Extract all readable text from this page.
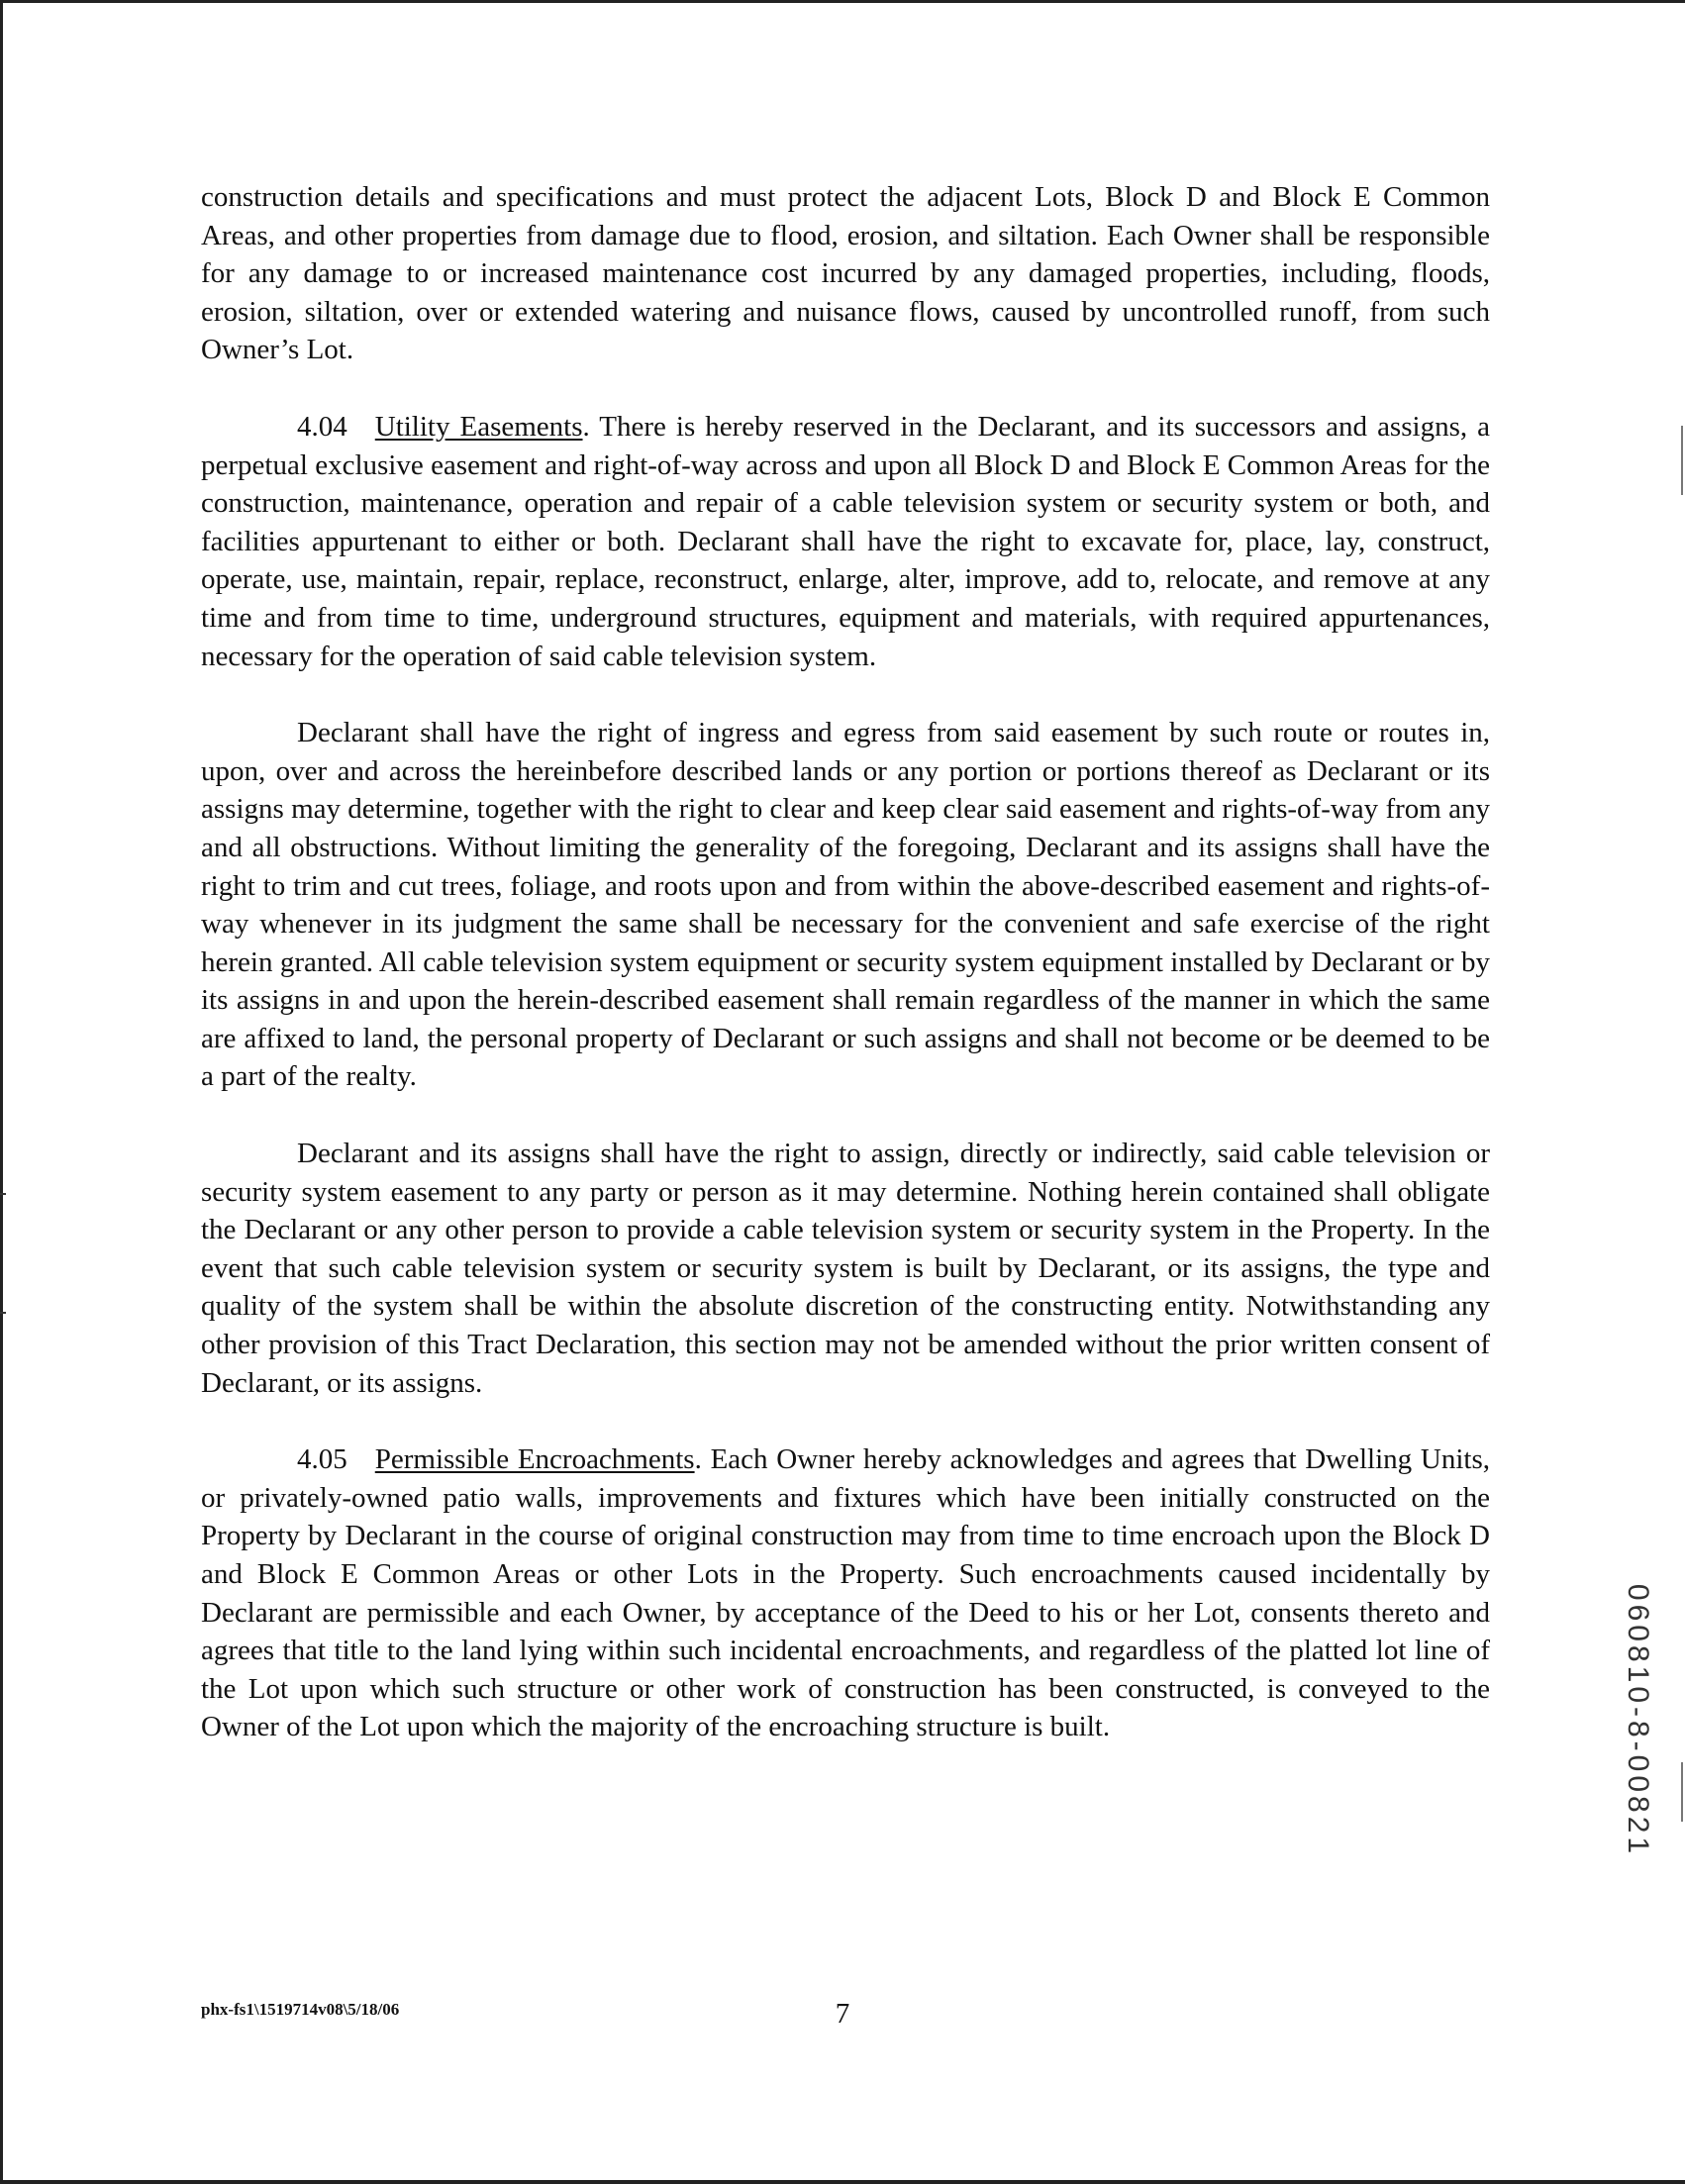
construction details and specifications and must protect the adjacent Lots, Block D and Block E Common Areas, and other properties from damage due to flood, erosion, and siltation. Each Owner shall be responsible for any damage to or increased maintenance cost incurred by any damaged properties, including, floods, erosion, siltation, over or extended watering and nuisance flows, caused by uncontrolled runoff, from such Owner’s Lot.

4.04 Utility Easements. There is hereby reserved in the Declarant, and its successors and assigns, a perpetual exclusive easement and right-of-way across and upon all Block D and Block E Common Areas for the construction, maintenance, operation and repair of a cable television system or security system or both, and facilities appurtenant to either or both. Declarant shall have the right to excavate for, place, lay, construct, operate, use, maintain, repair, replace, reconstruct, enlarge, alter, improve, add to, relocate, and remove at any time and from time to time, underground structures, equipment and materials, with required appurtenances, necessary for the operation of said cable television system.

Declarant shall have the right of ingress and egress from said easement by such route or routes in, upon, over and across the hereinbefore described lands or any portion or portions thereof as Declarant or its assigns may determine, together with the right to clear and keep clear said easement and rights-of-way from any and all obstructions. Without limiting the generality of the foregoing, Declarant and its assigns shall have the right to trim and cut trees, foliage, and roots upon and from within the above-described easement and rights-of-way whenever in its judgment the same shall be necessary for the convenient and safe exercise of the right herein granted. All cable television system equipment or security system equipment installed by Declarant or by its assigns in and upon the herein-described easement shall remain regardless of the manner in which the same are affixed to land, the personal property of Declarant or such assigns and shall not become or be deemed to be a part of the realty.

Declarant and its assigns shall have the right to assign, directly or indirectly, said cable television or security system easement to any party or person as it may determine. Nothing herein contained shall obligate the Declarant or any other person to provide a cable television system or security system in the Property. In the event that such cable television system or security system is built by Declarant, or its assigns, the type and quality of the system shall be within the absolute discretion of the constructing entity. Notwithstanding any other provision of this Tract Declaration, this section may not be amended without the prior written consent of Declarant, or its assigns.

4.05 Permissible Encroachments. Each Owner hereby acknowledges and agrees that Dwelling Units, or privately-owned patio walls, improvements and fixtures which have been initially constructed on the Property by Declarant in the course of original construction may from time to time encroach upon the Block D and Block E Common Areas or other Lots in the Property. Such encroachments caused incidentally by Declarant are permissible and each Owner, by acceptance of the Deed to his or her Lot, consents thereto and agrees that title to the land lying within such incidental encroachments, and regardless of the platted lot line of the Lot upon which such structure or other work of construction has been constructed, is conveyed to the Owner of the Lot upon which the majority of the encroaching structure is built.

phx-fs1\1519714v08\5/18/06	7
060810-8-00821
